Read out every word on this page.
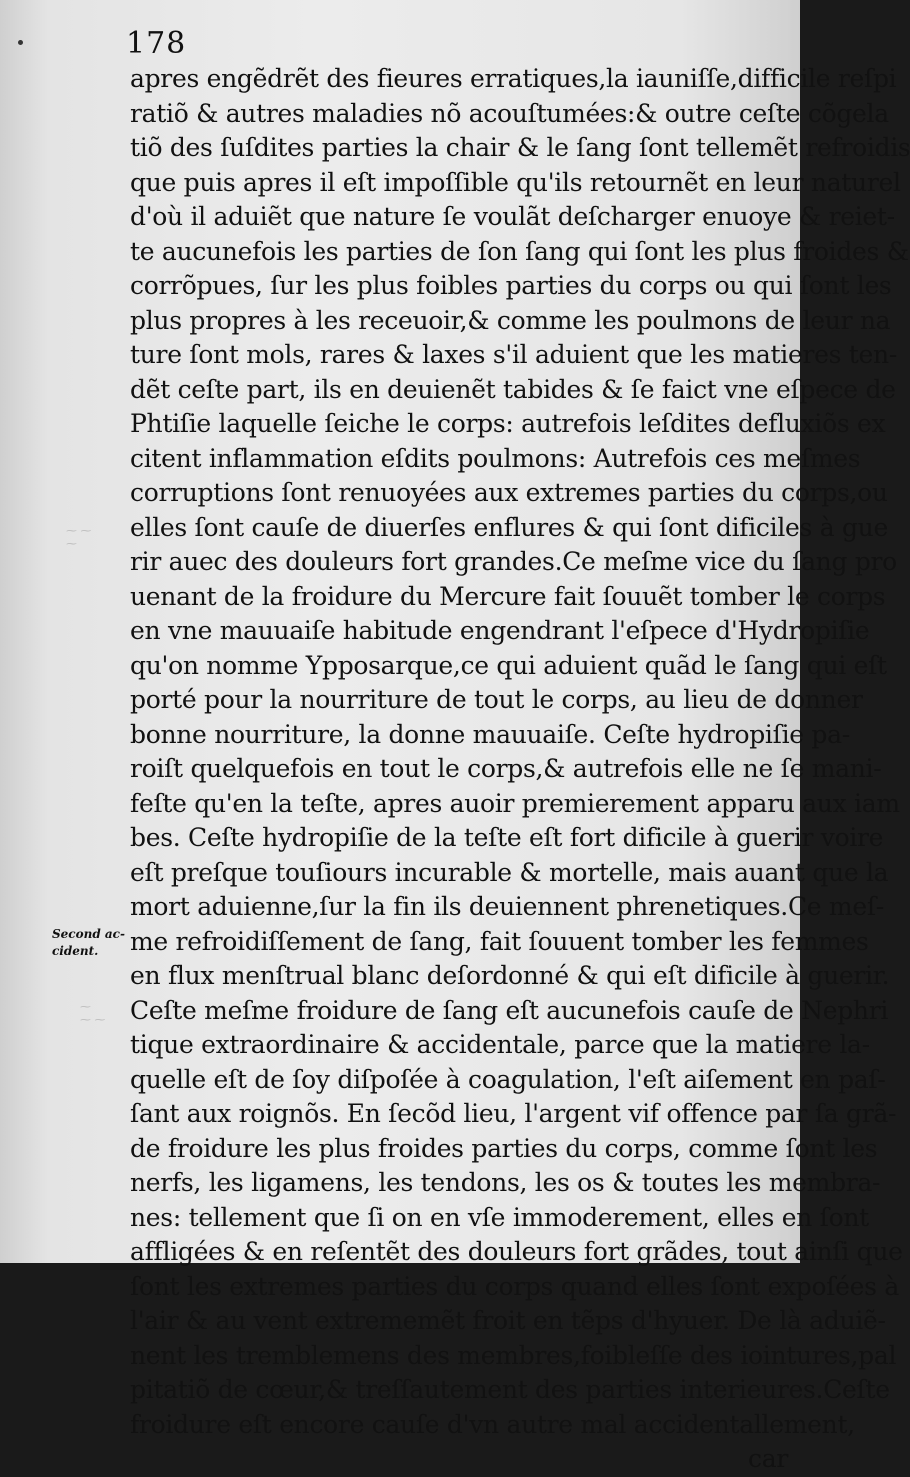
178
Second ac-
cident.
⁓ ⁓
⁓
⁓
⁓ ⁓
apres engẽdrẽt des fieures erratiques,la iauniſſe,difficile reſpi
ratiõ & autres maladies nõ acouſtumées:& outre ceſte cõgela
tiõ des ſuſdites parties la chair & le ſang ſont tellemẽt refroidis
que puis apres il eſt impoſſible qu'ils retournẽt en leur naturel
d'où il aduiẽt que nature ſe voulãt deſcharger enuoye & reiet-
te aucunefois les parties de ſon ſang qui ſont les plus froides &
corrõpues, ſur les plus foibles parties du corps ou qui ſont les
plus propres à les receuoir,& comme les poulmons de leur na
ture ſont mols, rares & laxes s'il aduient que les matieres ten-
dẽt ceſte part, ils en deuienẽt tabides & ſe faict vne eſpece de
Phtiſie laquelle ſeiche le corps: autrefois leſdites defluxiõs ex
citent inflammation eſdits poulmons: Autrefois ces meſmes
corruptions ſont renuoyées aux extremes parties du corps,ou
elles ſont cauſe de diuerſes enflures & qui ſont dificiles à gue
rir auec des douleurs fort grandes.Ce meſme vice du ſang pro
uenant de la froidure du Mercure fait ſouuẽt tomber le corps
en vne mauuaiſe habitude engendrant l'eſpece d'Hydropiſie
qu'on nomme Ypposarque,ce qui aduient quãd le ſang qui eſt
porté pour la nourriture de tout le corps, au lieu de donner
bonne nourriture, la donne mauuaiſe. Ceſte hydropiſie pa-
roiſt quelquefois en tout le corps,& autrefois elle ne ſe mani-
feſte qu'en la teſte, apres auoir premierement apparu aux iam
bes. Ceſte hydropiſie de la teſte eſt fort dificile à guerir voire
eſt preſque touſiours incurable & mortelle, mais auant que la
mort aduienne,ſur la fin ils deuiennent phrenetiques.Ce meſ-
me refroidiſſement de ſang, fait ſouuent tomber les femmes
en flux menſtrual blanc deſordonné & qui eſt dificile à guerir.
Ceſte meſme froidure de ſang eſt aucunefois cauſe de Nephri
tique extraordinaire & accidentale, parce que la matiere la-
quelle eſt de ſoy diſpoſée à coagulation, l'eſt aiſement en paſ-
ſant aux roignõs. En ſecõd lieu, l'argent vif offence par ſa grã-
de froidure les plus froides parties du corps, comme ſont les
nerfs, les ligamens, les tendons, les os & toutes les membra-
nes: tellement que ſi on en vſe immoderement, elles en ſont
affligées & en reſentẽt des douleurs fort grãdes, tout ainſi que
ſont les extremes parties du corps quand elles ſont expoſées à
l'air & au vent extrememẽt froit en tẽps d'hyuer. De là aduiẽ-
nent les tremblemens des membres,foibleſſe des iointures,pal
pitatiõ de cœur,& treſſautement des parties interieures.Ceſte
froidure eſt encore cauſe d'vn autre mal accidentallement,
car
